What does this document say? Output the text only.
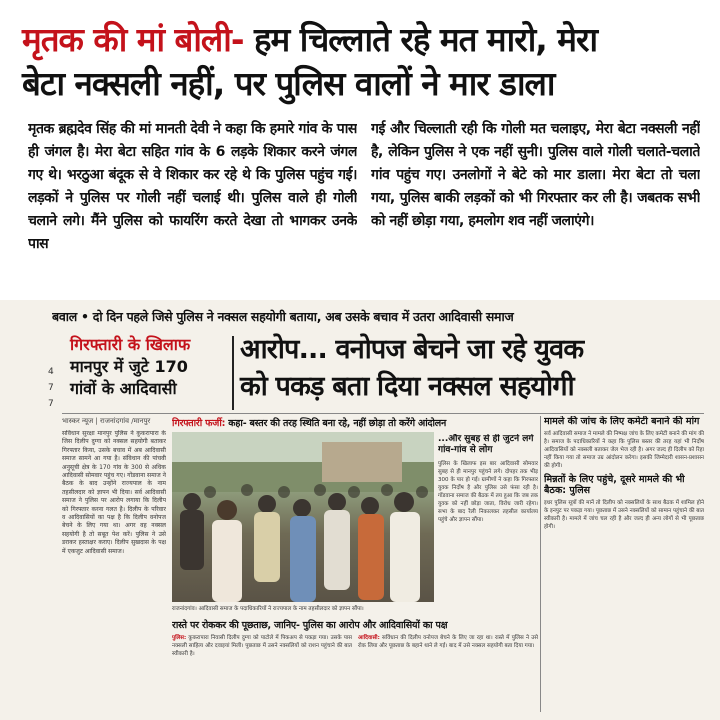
मृतक की मां बोली- हम चिल्लाते रहे मत मारो, मेरा
बेटा नक्सली नहीं, पर पुलिस वालों ने मार डाला
मृतक ब्रह्मदेव सिंह की मां मानती देवी ने कहा कि हमारे गांव के पास ही जंगल है। मेरा बेटा सहित गांव के 6 लड़के शिकार करने जंगल गए थे। भरठुआ बंदूक से वे शिकार कर रहे थे कि पुलिस पहुंच गई। लड़कों ने पुलिस पर गोली नहीं चलाई थी। पुलिस वाले ही गोली चलाने लगे। मैंने पुलिस को फायरिंग करते देखा तो भागकर उनके पास
गई और चिल्लाती रही कि गोली मत चलाइए, मेरा बेटा नक्सली नहीं है, लेकिन पुलिस ने एक नहीं सुनी। पुलिस वाले गोली चलाते-चलाते गांव पहुंच गए। उनलोगों ने बेटे को मार डाला। मेरा बेटा तो चला गया, पुलिस बाकी लड़कों को भी गिरफ्तार कर ली है। जबतक सभी को नहीं छोड़ा गया, हमलोग शव नहीं जलाएंगे।
बवाल • दो दिन पहले जिसे पुलिस ने नक्सल सहयोगी बताया, अब उसके बचाव में उतरा आदिवासी समाज
गिरफ्तारी के खिलाफ
मानपुर में जुटे 170
गांवों के आदिवासी
आरोप... वनोपज बेचने जा रहे युवक
को पकड़ बता दिया नक्सल सहयोगी
4
7
7
भास्कर न्यूज | राजनांदगांव /मानपुर
सविंधान सुरक्षा मानपुर पुलिस ने कुकरापारा के जिस दिलीप दुग्गा को नक्सल सहयोगी बताकर गिरफ्तार किया, उसके बचाव में अब आदिवासी समाज सामने आ गया है। संविधान की पांचवी अनुसूची क्षेत्र के 170 गांव के 300 से अधिक आदिवासी सोमवार पहुंच गए। गोंडवाना समाज ने बैठक के बाद उन्होंने राज्यपाल के नाम तहसीलदार को ज्ञापन भी दिया। सर्व आदिवासी समाज ने पुलिस पर आरोप लगाया कि दिलीप को गिरफ्तार करना गलत है। दिलीप के परिवार व आदिवासियों का पक्ष है कि दिलीप वनोपज बेचने के लिए गया था। अगर वह नक्सल सहयोगी है तो सबूत पेश करें। पुलिस ने उसे डराकर हस्ताक्षर कराए। दिलीप सुखदास के पक्ष में एकजुट आदिवासी समाज।
गिरफ्तारी फर्जी: कहा- बस्तर की तरह स्थिति बना रहे, नहीं छोड़ा तो करेंगे आंदोलन
राजनांदगांव। आदिवासी समाज के पदाधिकारियों ने राज्यपाल के नाम तहसीलदार को ज्ञापन सौंपा।
...और सुबह से ही जुटने लगे गांव-गांव से लोग
पुलिस के खिलाफ इस बार आदिवासी सोमवार सुबह से ही मानपुर पहुंचने लगे। दोपहर तक भीड़ 300 के पार हो गई। ग्रामीणों ने कहा कि गिरफ्तार युवक निर्दोष है और पुलिस उसे फंसा रही है। गोंडवाना समाज की बैठक में तय हुआ कि जब तक युवक को नहीं छोड़ा जाता, विरोध जारी रहेगा। सभा के बाद रैली निकालकर तहसील कार्यालय पहुंचे और ज्ञापन सौंपा।
मामले की जांच के लिए कमेटी बनाने की मांग
सर्व आदिवासी समाज ने मामले की निष्पक्ष जांच के लिए कमेटी बनाने की मांग की है। समाज के पदाधिकारियों ने कहा कि पुलिस बस्तर की तरह यहां भी निर्दोष आदिवासियों को नक्सली बताकर जेल भेज रही है। अगर जल्द ही दिलीप को रिहा नहीं किया गया तो समाज उग्र आंदोलन करेगा। इसकी जिम्मेदारी शासन-प्रशासन की होगी।
मिन्नतों के लिए पहुंचे, दूसरे मामले की भी बैठक: पुलिस
इधर पुलिस सूत्रों की मानें तो दिलीप को नक्सलियों के साथ बैठक में शामिल होने के इनपुट पर पकड़ा गया। पूछताछ में उसने नक्सलियों को सामान पहुंचाने की बात स्वीकारी है। मामले में जांच चल रही है और जल्द ही अन्य लोगों से भी पूछताछ होगी।
रास्ते पर रोककर की पूछताछ, जानिए- पुलिस का आरोप और आदिवासियों का पक्ष
पुलिस: कुकरापारा निवासी दिलीप दुग्गा को पाटोले में पिकअप से पकड़ा गया। उसके पास नक्सली साहित्य और दवाइयां मिली। पूछताछ में उसने नक्सलियों को राशन पहुंचाने की बात स्वीकारी है।
आदिवासी: सविंधान की दिलीप वनोपज बेचने के लिए जा रहा था। रास्ते में पुलिस ने उसे रोक लिया और पूछताछ के बहाने थाने ले गई। बाद में उसे नक्सल सहयोगी बता दिया गया।
